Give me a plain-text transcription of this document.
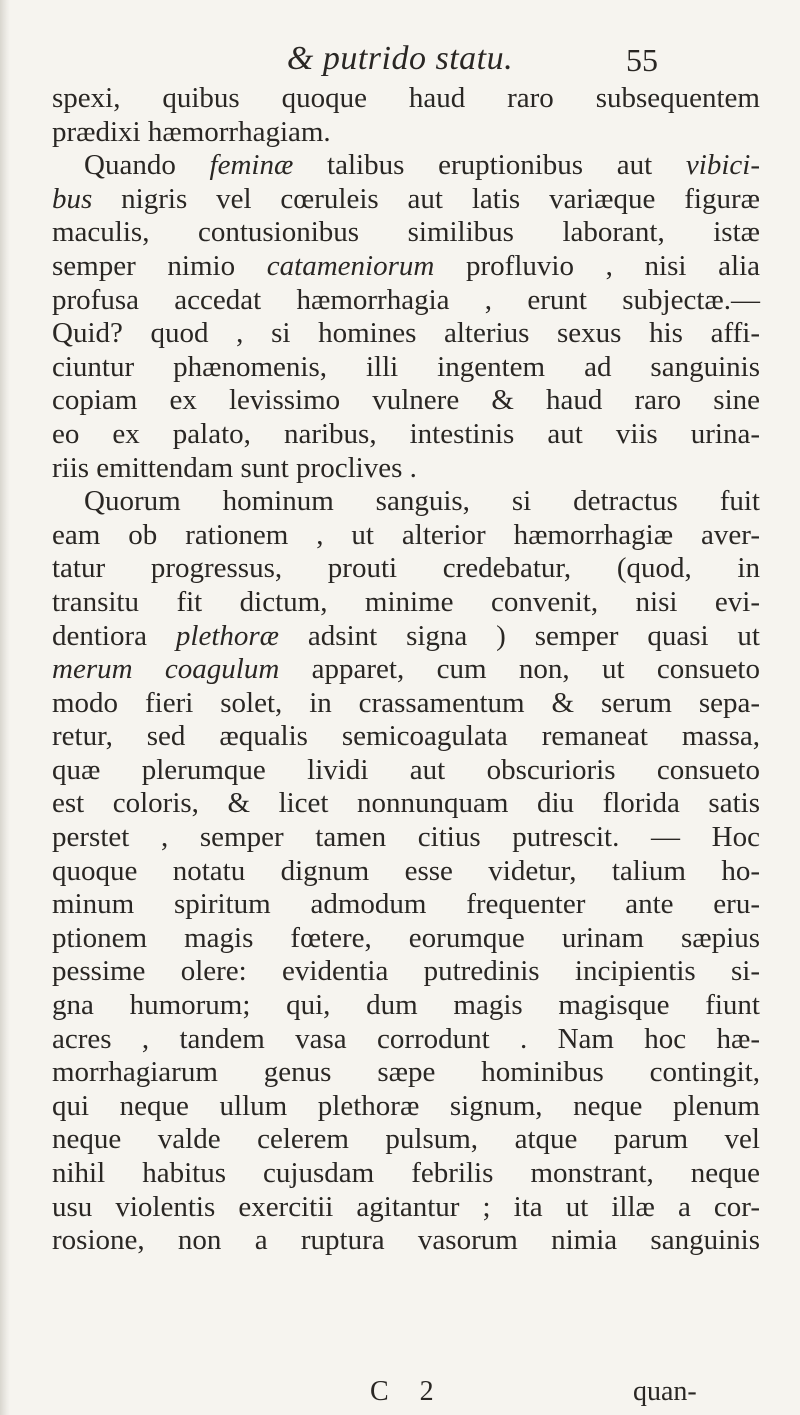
& putrido statu.	55
spexi, quibus quoque haud raro subsequentem
prædixi hæmorrhagiam.
Quando feminæ talibus eruptionibus aut vibici-
bus nigris vel cœruleis aut latis variæque figuræ
maculis, contusionibus similibus laborant, istæ
semper nimio catameniorum profluvio , nisi alia
profusa accedat hæmorrhagia , erunt subjectæ.—
Quid? quod , si homines alterius sexus his affi-
ciuntur phænomenis, illi ingentem ad sanguinis
copiam ex levissimo vulnere & haud raro sine
eo ex palato, naribus, intestinis aut viis urina-
riis emittendam sunt proclives .
Quorum hominum sanguis, si detractus fuit
eam ob rationem , ut alterior hæmorrhagiæ aver-
tatur progressus, prouti credebatur, (quod, in
transitu fit dictum, minime convenit, nisi evi-
dentiora plethoræ adsint signa ) semper quasi ut
merum coagulum apparet, cum non, ut consueto
modo fieri solet, in crassamentum & serum sepa-
retur, sed æqualis semicoagulata remaneat massa,
quæ plerumque lividi aut obscurioris consueto
est coloris, & licet nonnunquam diu florida satis
perstet , semper tamen citius putrescit. — Hoc
quoque notatu dignum esse videtur, talium ho-
minum spiritum admodum frequenter ante eru-
ptionem magis fœtere, eorumque urinam sæpius
pessime olere: evidentia putredinis incipientis si-
gna humorum; qui, dum magis magisque fiunt
acres , tandem vasa corrodunt . Nam hoc hæ-
morrhagiarum genus sæpe hominibus contingit,
qui neque ullum plethoræ signum, neque plenum
neque valde celerem pulsum, atque parum vel
nihil habitus cujusdam febrilis monstrant, neque
usu violentis exercitii agitantur ; ita ut illæ a cor-
rosione, non a ruptura vasorum nimia sanguinis
C 2	quan-
